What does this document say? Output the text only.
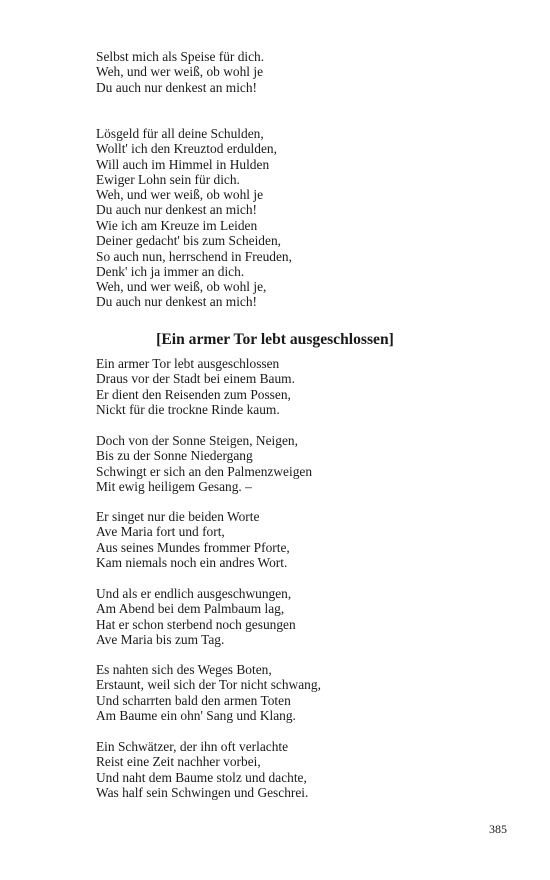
Selbst mich als Speise für dich.
Weh, und wer weiß, ob wohl je
Du auch nur denkest an mich!
Lösgeld für all deine Schulden,
Wollt' ich den Kreuztod erdulden,
Will auch im Himmel in Hulden
Ewiger Lohn sein für dich.
Weh, und wer weiß, ob wohl je
Du auch nur denkest an mich!
Wie ich am Kreuze im Leiden
Deiner gedacht' bis zum Scheiden,
So auch nun, herrschend in Freuden,
Denk' ich ja immer an dich.
Weh, und wer weiß, ob wohl je,
Du auch nur denkest an mich!
[Ein armer Tor lebt ausgeschlossen]
Ein armer Tor lebt ausgeschlossen
Draus vor der Stadt bei einem Baum.
Er dient den Reisenden zum Possen,
Nickt für die trockne Rinde kaum.
Doch von der Sonne Steigen, Neigen,
Bis zu der Sonne Niedergang
Schwingt er sich an den Palmenzweigen
Mit ewig heiligem Gesang. –
Er singet nur die beiden Worte
Ave Maria fort und fort,
Aus seines Mundes frommer Pforte,
Kam niemals noch ein andres Wort.
Und als er endlich ausgeschwungen,
Am Abend bei dem Palmbaum lag,
Hat er schon sterbend noch gesungen
Ave Maria bis zum Tag.
Es nahten sich des Weges Boten,
Erstaunt, weil sich der Tor nicht schwang,
Und scharrten bald den armen Toten
Am Baume ein ohn' Sang und Klang.
Ein Schwätzer, der ihn oft verlachte
Reist eine Zeit nachher vorbei,
Und naht dem Baume stolz und dachte,
Was half sein Schwingen und Geschrei.
385
